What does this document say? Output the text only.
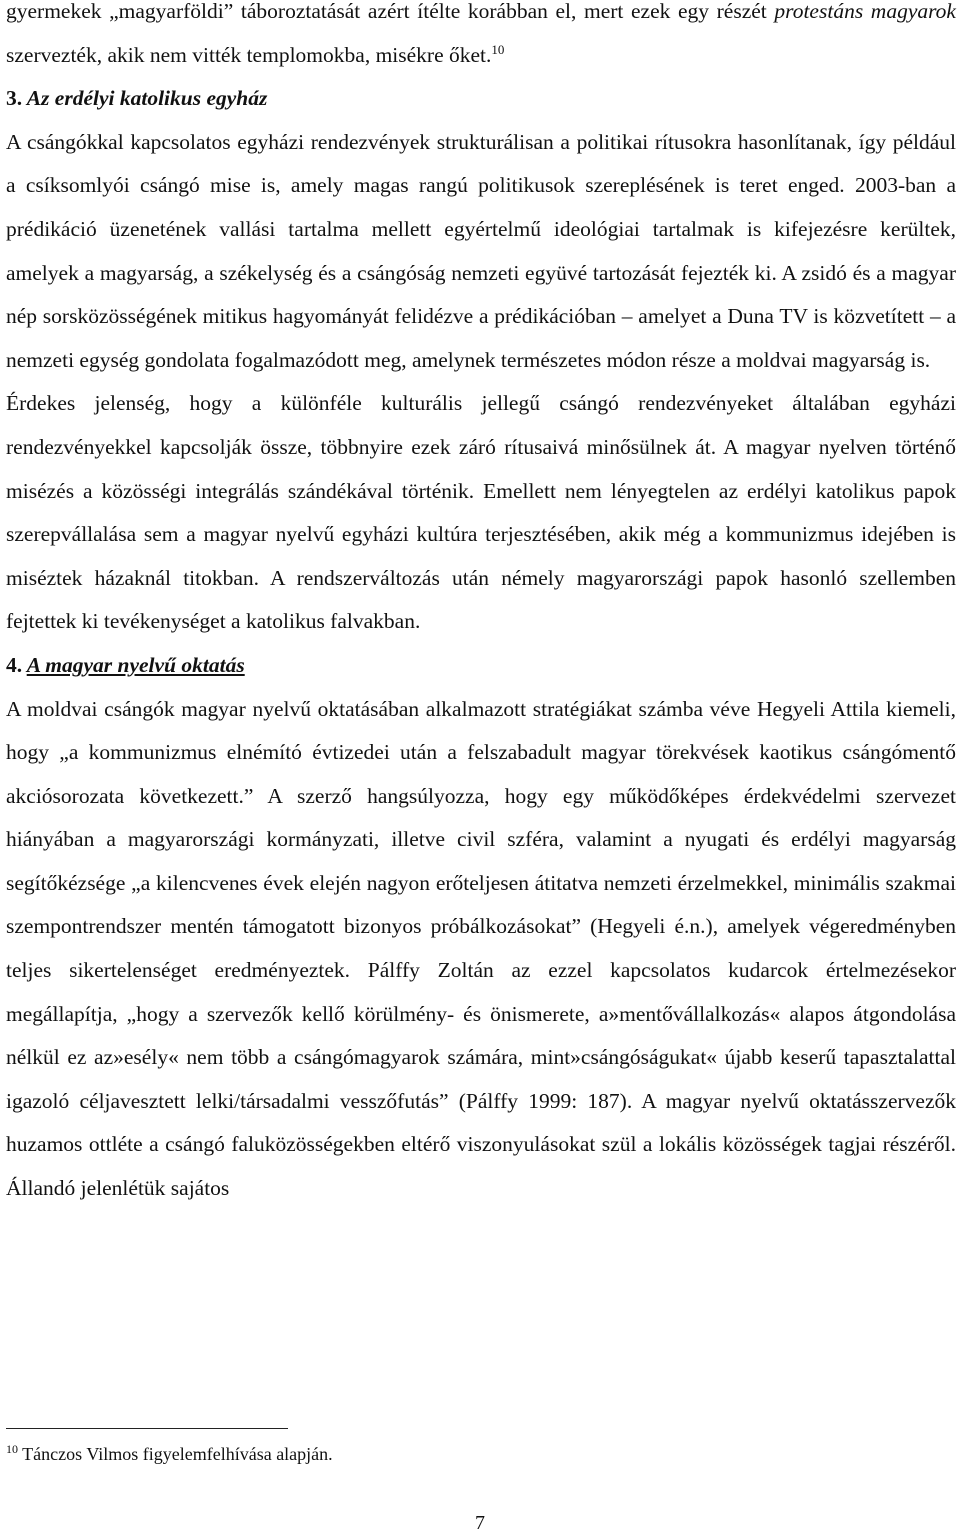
gyermekek „magyarföldi” táboroztatását azért ítélte korábban el, mert ezek egy részét protestáns magyarok szervezték, akik nem vitték templomokba, misékre őket.$^{10}$

3. Az erdélyi katolikus egyház

A csángókkal kapcsolatos egyházi rendezvények strukturálisan a politikai rítusokra hasonlítanak, így például a csíksomlyói csángó mise is, amely magas rangú politikusok szereplésének is teret enged. 2003-ban a prédikáció üzenetének vallási tartalma mellett egyértelmű ideológiai tartalmak is kifejezésre kerültek, amelyek a magyarság, a székelység és a csángóság nemzeti együvé tartozását fejezték ki. A zsidó és a magyar nép sorsközösségének mitikus hagyományát felidézve a prédikációban – amelyet a Duna TV is közvetített – a nemzeti egység gondolata fogalmazódott meg, amelynek természetes módon része a moldvai magyarság is.

Érdekes jelenség, hogy a különféle kulturális jellegű csángó rendezvényeket általában egyházi rendezvényekkel kapcsolják össze, többnyire ezek záró rítusaivá minősülnek át. A magyar nyelven történő misézés a közösségi integrálás szándékával történik. Emellett nem lényegtelen az erdélyi katolikus papok szerepvállalása sem a magyar nyelvű egyházi kultúra terjesztésében, akik még a kommunizmus idejében is miséztek házaknál titokban. A rendszerváltozás után némely magyarországi papok hasonló szellemben fejtettek ki tevékenységet a katolikus falvakban.

4. A magyar nyelvű oktatás

A moldvai csángók magyar nyelvű oktatásában alkalmazott stratégiákat számba véve Hegyeli Attila kiemeli, hogy „a kommunizmus elnémító évtizedei után a felszabadult magyar törekvések kaotikus csángómentő akciósorozata következett.” A szerző hangsúlyozza, hogy egy működőképes érdekvédelmi szervezet hiányában a magyarországi kormányzati, illetve civil szféra, valamint a nyugati és erdélyi magyarság segítőkézsége „a kilencvenes évek elején nagyon erőteljesen átitatva nemzeti érzelmekkel, minimális szakmai szempontrendszer mentén támogatott bizonyos próbálkozásokat” (Hegyeli é.n.), amelyek végeredményben teljes sikertelenséget eredményeztek. Pálffy Zoltán az ezzel kapcsolatos kudarcok értelmezésekor megállapítja, „hogy a szervezők kellő körülmény- és önismerete, a»mentővállalkozás« alapos átgondolása nélkül ez az»esély« nem több a csángómagyarok számára, mint»csángóságukat« újabb keserű tapasztalattal igazoló céljavesztett lelki/társadalmi vesszőfutás” (Pálffy 1999: 187). A magyar nyelvű oktatásszervezők huzamos ottléte a csángó faluközösségekben eltérő viszonyulásokat szül a lokális közösségek tagjai részéről. Állandó jelenlétük sajátos

$^{10}$ Tánczos Vilmos figyelemfelhívása alapján.

7
